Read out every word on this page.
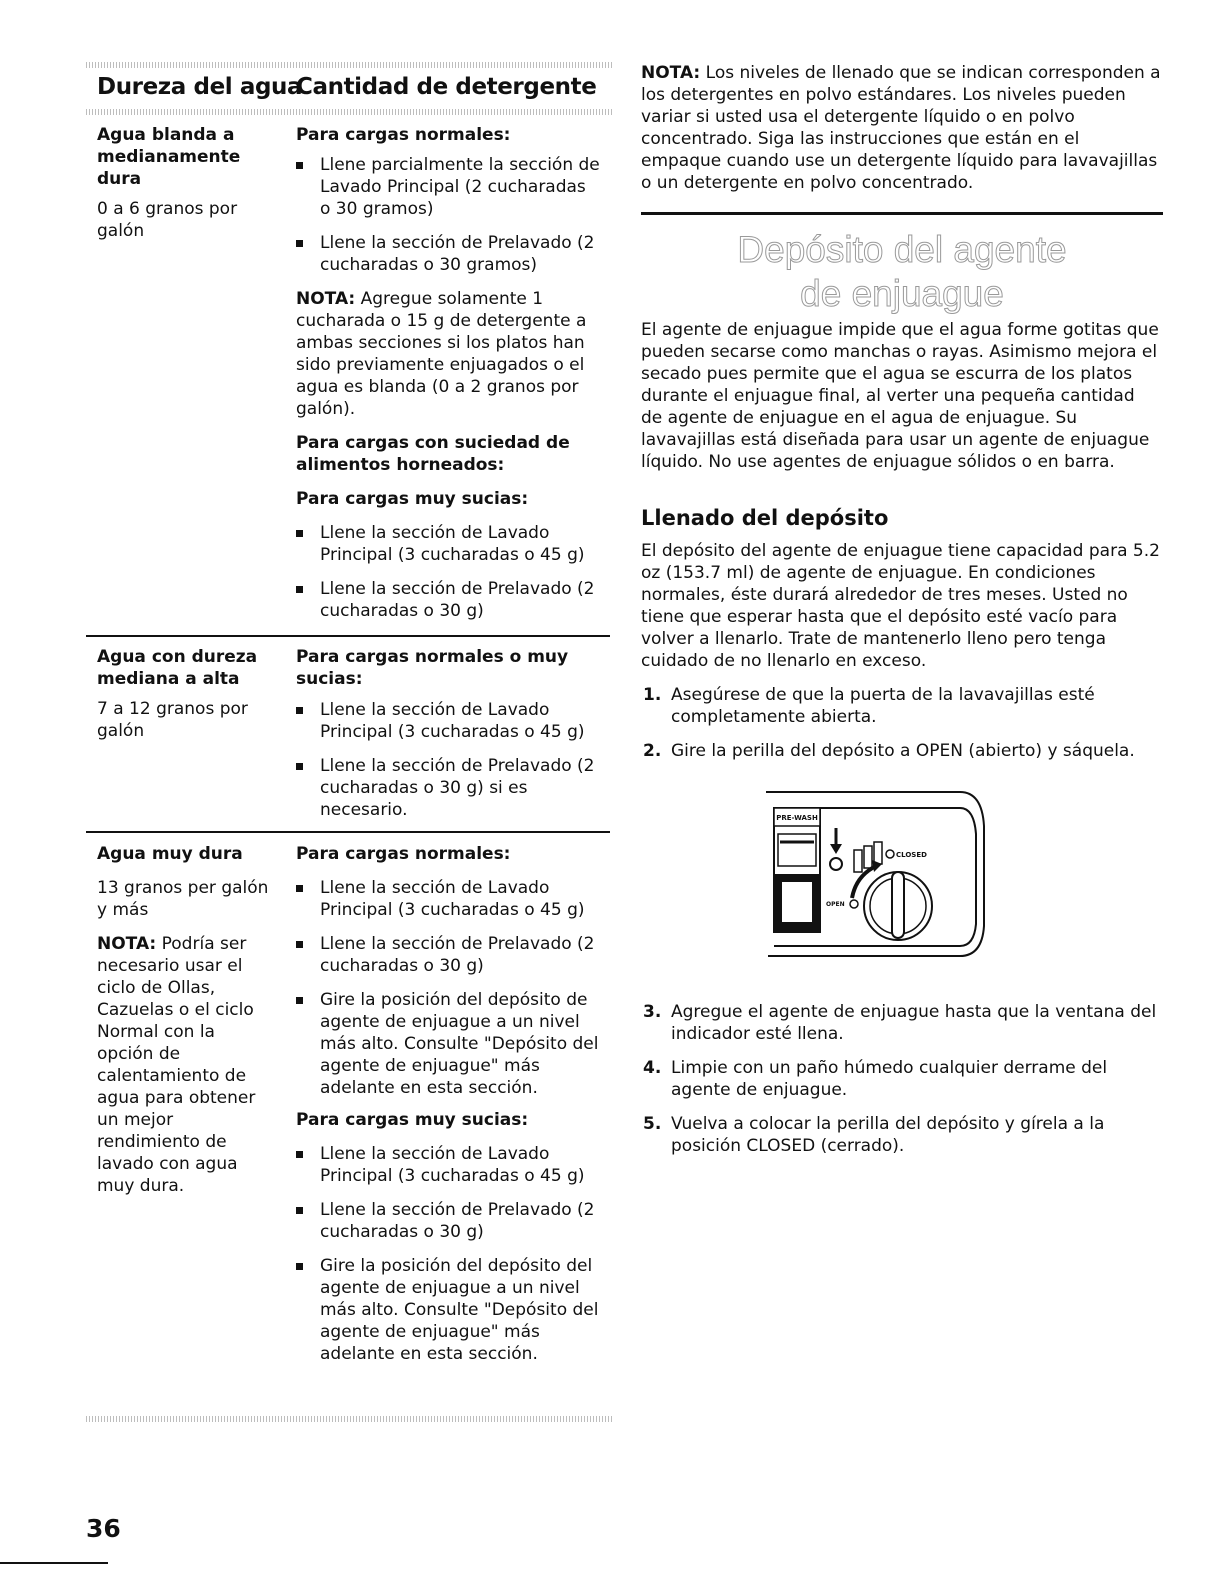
Dureza del agua
Cantidad de detergente
Agua blanda a medianamente dura
0 a 6 granos por galón
Para cargas normales:
Llene parcialmente la sección de Lavado Principal (2 cucharadas o 30 gramos)
Llene la sección de Prelavado (2 cucharadas o 30 gramos)
NOTA: Agregue solamente 1 cucharada o 15 g de detergente a ambas secciones si los platos han sido previamente enjuagados o el agua es blanda (0 a 2 granos por galón).
Para cargas con suciedad de alimentos horneados:
Para cargas muy sucias:
Llene la sección de Lavado Principal (3 cucharadas o 45 g)
Llene la sección de Prelavado (2 cucharadas o 30 g)
Agua con dureza mediana a alta
7 a 12 granos por galón
Para cargas normales o muy sucias:
Llene la sección de Lavado Principal (3 cucharadas o 45 g)
Llene la sección de Prelavado (2 cucharadas o 30 g) si es necesario.
Agua muy dura
13 granos per galón y más
NOTA: Podría ser necesario usar el ciclo de Ollas, Cazuelas o el ciclo Normal con la opción de calentamiento de agua para obtener un mejor rendimiento de lavado con agua muy dura.
Para cargas normales:
Llene la sección de Lavado Principal (3 cucharadas o 45 g)
Llene la sección de Prelavado (2 cucharadas o 30 g)
Gire la posición del depósito de agente de enjuague a un nivel más alto. Consulte "Depósito del agente de enjuague" más adelante en esta sección.
Para cargas muy sucias:
Llene la sección de Lavado Principal (3 cucharadas o 45 g)
Llene la sección de Prelavado (2 cucharadas o 30 g)
Gire la posición del depósito del agente de enjuague a un nivel más alto. Consulte "Depósito del agente de enjuague" más adelante en esta sección.
NOTA: Los niveles de llenado que se indican corresponden a los detergentes en polvo estándares. Los niveles pueden variar si usted usa el detergente líquido o en polvo concentrado. Siga las instrucciones que están en el empaque cuando use un detergente líquido para lavavajillas o un detergente en polvo concentrado.
Depósito del agente
de enjuague
El agente de enjuague impide que el agua forme gotitas que pueden secarse como manchas o rayas. Asimismo mejora el secado pues permite que el agua se escurra de los platos durante el enjuague final, al verter una pequeña cantidad de agente de enjuague en el agua de enjuague. Su lavavajillas está diseñada para usar un agente de enjuague líquido. No use agentes de enjuague sólidos o en barra.
Llenado del depósito
El depósito del agente de enjuague tiene capacidad para 5.2 oz (153.7 ml) de agente de enjuague. En condiciones normales, éste durará alrededor de tres meses. Usted no tiene que esperar hasta que el depósito esté vacío para volver a llenarlo. Trate de mantenerlo lleno pero tenga cuidado de no llenarlo en exceso.
1. Asegúrese de que la puerta de la lavavajillas esté completamente abierta.
2. Gire la perilla del depósito a OPEN (abierto) y sáquela.
PRE-WASH
CLOSED
OPEN
3. Agregue el agente de enjuague hasta que la ventana del indicador esté llena.
4. Limpie con un paño húmedo cualquier derrame del agente de enjuague.
5. Vuelva a colocar la perilla del depósito y gírela a la posición CLOSED (cerrado).
36
